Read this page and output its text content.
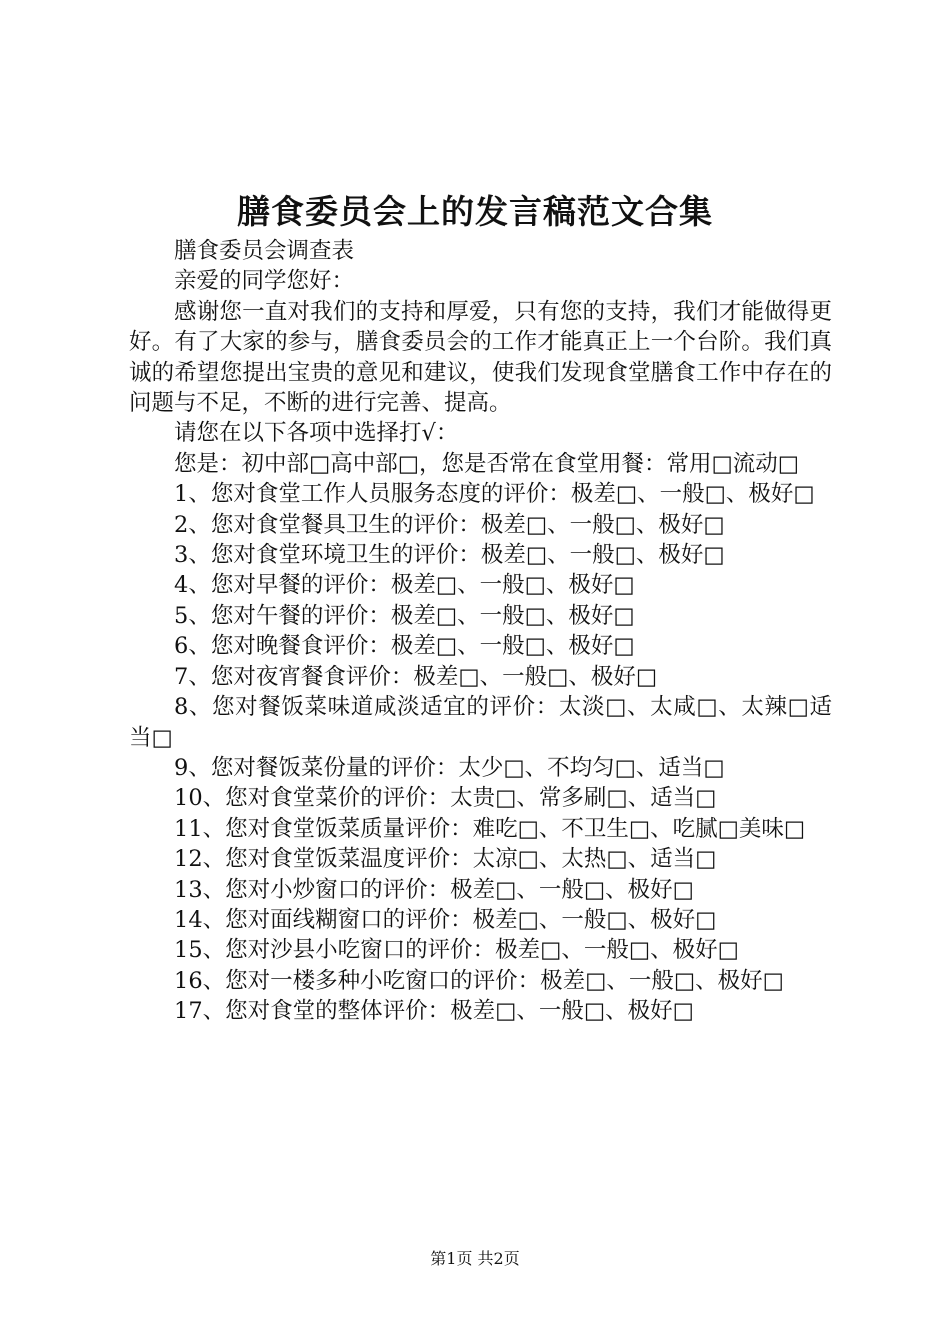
膳食委员会上的发言稿范文合集

膳食委员会调查表

亲爱的同学您好：

感谢您一直对我们的支持和厚爱，只有您的支持，我们才能做得更好。有了大家的参与，膳食委员会的工作才能真正上一个台阶。我们真诚的希望您提出宝贵的意见和建议，使我们发现食堂膳食工作中存在的问题与不足，不断的进行完善、提高。

请您在以下各项中选择打√：

您是：初中部□高中部□，您是否常在食堂用餐：常用□流动□

1、您对食堂工作人员服务态度的评价：极差□、一般□、极好□

2、您对食堂餐具卫生的评价：极差□、一般□、极好□

3、您对食堂环境卫生的评价：极差□、一般□、极好□

4、您对早餐的评价：极差□、一般□、极好□

5、您对午餐的评价：极差□、一般□、极好□

6、您对晚餐食评价：极差□、一般□、极好□

7、您对夜宵餐食评价：极差□、一般□、极好□

8、您对餐饭菜味道咸淡适宜的评价：太淡□、太咸□、太辣□适当□

9、您对餐饭菜份量的评价：太少□、不均匀□、适当□

10、您对食堂菜价的评价：太贵□、常多刷□、适当□

11、您对食堂饭菜质量评价：难吃□、不卫生□、吃腻□美味□

12、您对食堂饭菜温度评价：太凉□、太热□、适当□

13、您对小炒窗口的评价：极差□、一般□、极好□

14、您对面线糊窗口的评价：极差□、一般□、极好□

15、您对沙县小吃窗口的评价：极差□、一般□、极好□

16、您对一楼多种小吃窗口的评价：极差□、一般□、极好□

17、您对食堂的整体评价：极差□、一般□、极好□

第1页 共2页
